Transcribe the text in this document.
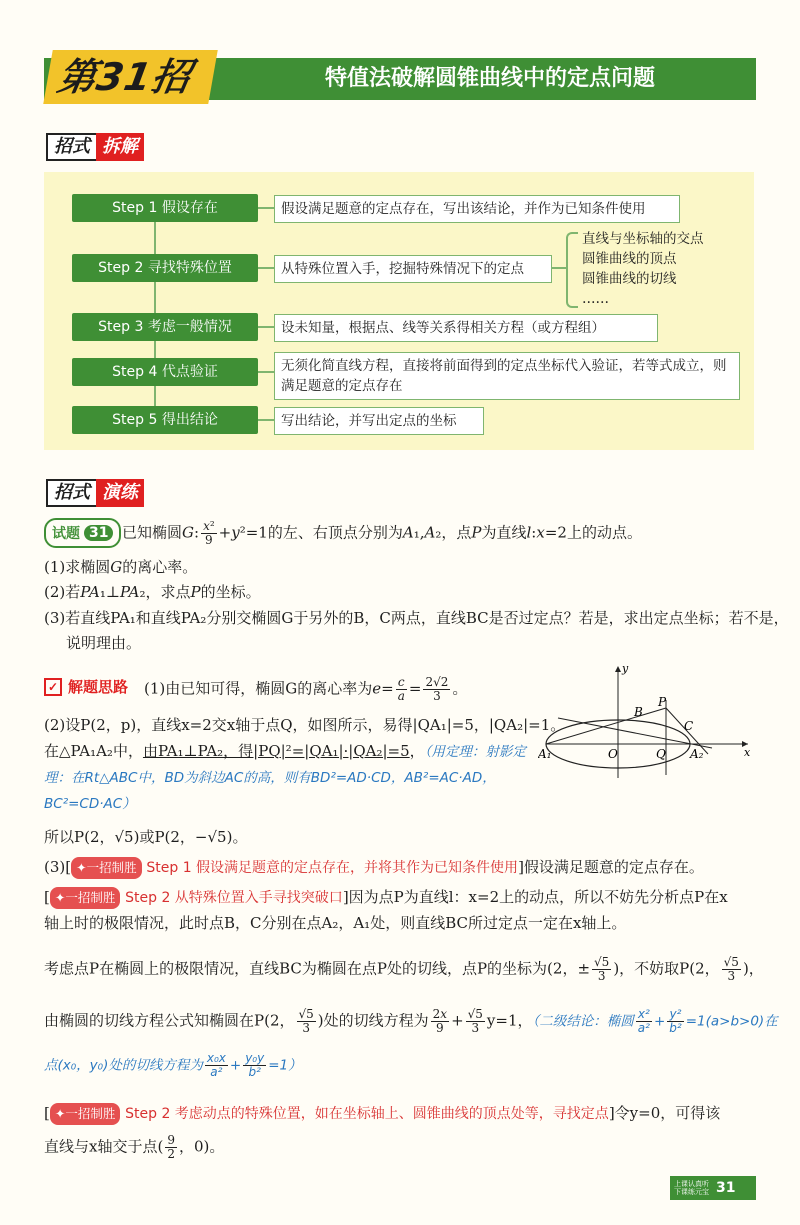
第31招	特值法破解圆锥曲线中的定点问题
招式 拆解
Step 1 假设存在
Step 2 寻找特殊位置
Step 3 考虑一般情况
Step 4 代点验证
Step 5 得出结论
假设满足题意的定点存在，写出该结论，并作为已知条件使用
从特殊位置入手，挖掘特殊情况下的定点
设未知量，根据点、线等关系得相关方程（或方程组）
无须化简直线方程，直接将前面得到的定点坐标代入验证，若等式成立，则满足题意的定点存在
写出结论，并写出定点的坐标
直线与坐标轴的交点
圆锥曲线的顶点
圆锥曲线的切线
……
招式 演练
试题 31 已知椭圆G: $\frac{\text{x²}}{9} +y^2=1$的左、右顶点分别为A₁,A₂，点P为直线l:x=2上的动点。
(1)求椭圆G的离心率。
(2)若PA₁⊥PA₂，求点P的坐标。
(3)若直线PA₁和直线PA₂分别交椭圆G于另外的B，C两点，直线BC是否过定点？若是，求出定点坐标；若不是，
说明理由。
✓ 解题思路 (1)由已知可得，椭圆G的离心率为$e= \frac{c}{a} = \frac{2√2}{3}$ 。
(2)设P(2，p)，直线x=2交x轴于点Q，如图所示，易得|QA₁|=5，|QA₂|=1。
在△PA₁A₂中，由PA₁⊥PA₂，得|PQ|²=|QA₁|·|QA₂|=5，（用定理：射影定
理：在Rt△ABC中，BD为斜边AC的高，则有BD²=AD·CD，AB²=AC·AD，
BC²=CD·AC）
所以P(2，√5)或P(2，−√5)。
y
x
B
P
C
A₁	O	Q A₂
(3)[ ✦一招制胜 Step 1 假设满足题意的定点存在，并将其作为已知条件使用]假设满足题意的定点存在。
[ ✦一招制胜 Step 2 从特殊位置入手寻找突破口]因为点P为直线l：x=2上的动点，所以不妨先分析点P在x
轴上时的极限情况，此时点B，C分别在点A₂，A₁处，则直线BC所过定点一定在x轴上。
考虑点P在椭圆上的极限情况，直线BC为椭圆在点P处的切线，点P的坐标为(2，± $\frac{√5}{3}$ )，不妨取P(2， $\frac{√5}{3}$ )，
由椭圆的切线方程公式知椭圆在P(2， $\frac{√5}{3}$ )处的切线方程为 $\frac{2x}{9} + \frac{√5}{3} y=1$，（二级结论：椭圆 $\frac{\text{x²}}{\text{a²}} + \frac{\text{y²}}{\text{b²}} =1(a>b>0)$在
点(x₀，y₀)处的切线方程为 $\frac{\text{x₀x}}{\text{a²}} + \frac{\text{y₀y}}{\text{b²}} =1$）
[ ✦一招制胜 Step 2 考虑动点的特殊位置，如在坐标轴上、圆锥曲线的顶点处等，寻找定点]令y=0，可得该
直线与x轴交于点( $\frac{9}{2}$ ，0)。
上课认真听 下课练元宝 31
